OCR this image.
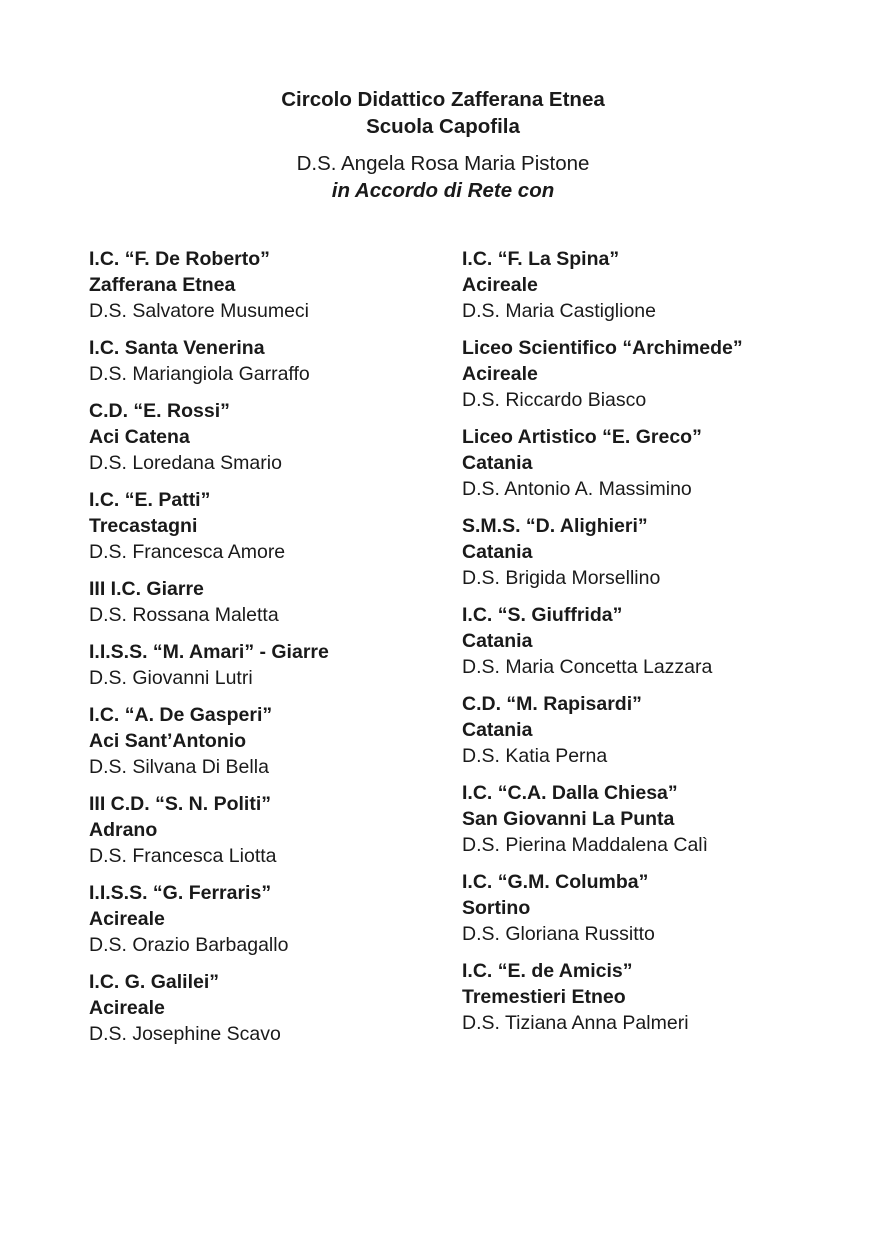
Circolo Didattico Zafferana Etnea
Scuola Capofila
D.S. Angela Rosa Maria Pistone
in Accordo di Rete con
I.C. “F. De Roberto”
Zafferana Etnea
D.S. Salvatore Musumeci
I.C. Santa Venerina
D.S. Mariangiola Garraffo
C.D. “E. Rossi”
Aci Catena
D.S. Loredana Smario
I.C. “E. Patti”
Trecastagni
D.S. Francesca Amore
III I.C. Giarre
D.S. Rossana Maletta
I.I.S.S. “M. Amari” - Giarre
D.S. Giovanni Lutri
I.C. “A. De Gasperi”
Aci Sant’Antonio
D.S. Silvana Di Bella
III C.D. “S. N. Politi”
Adrano
D.S. Francesca Liotta
I.I.S.S. “G. Ferraris”
Acireale
D.S. Orazio Barbagallo
I.C. G. Galilei”
Acireale
D.S. Josephine Scavo
I.C. “F. La Spina”
Acireale
D.S. Maria Castiglione
Liceo Scientifico “Archimede”
Acireale
D.S. Riccardo Biasco
Liceo Artistico “E. Greco”
Catania
D.S. Antonio A. Massimino
S.M.S. “D. Alighieri”
Catania
D.S. Brigida Morsellino
I.C. “S. Giuffrida”
Catania
D.S. Maria Concetta Lazzara
C.D. “M. Rapisardi”
Catania
D.S. Katia Perna
I.C. “C.A. Dalla Chiesa”
San Giovanni La Punta
D.S. Pierina Maddalena Calì
I.C. “G.M. Columba”
Sortino
D.S. Gloriana Russitto
I.C. “E. de Amicis”
Tremestieri Etneo
D.S. Tiziana Anna Palmeri
